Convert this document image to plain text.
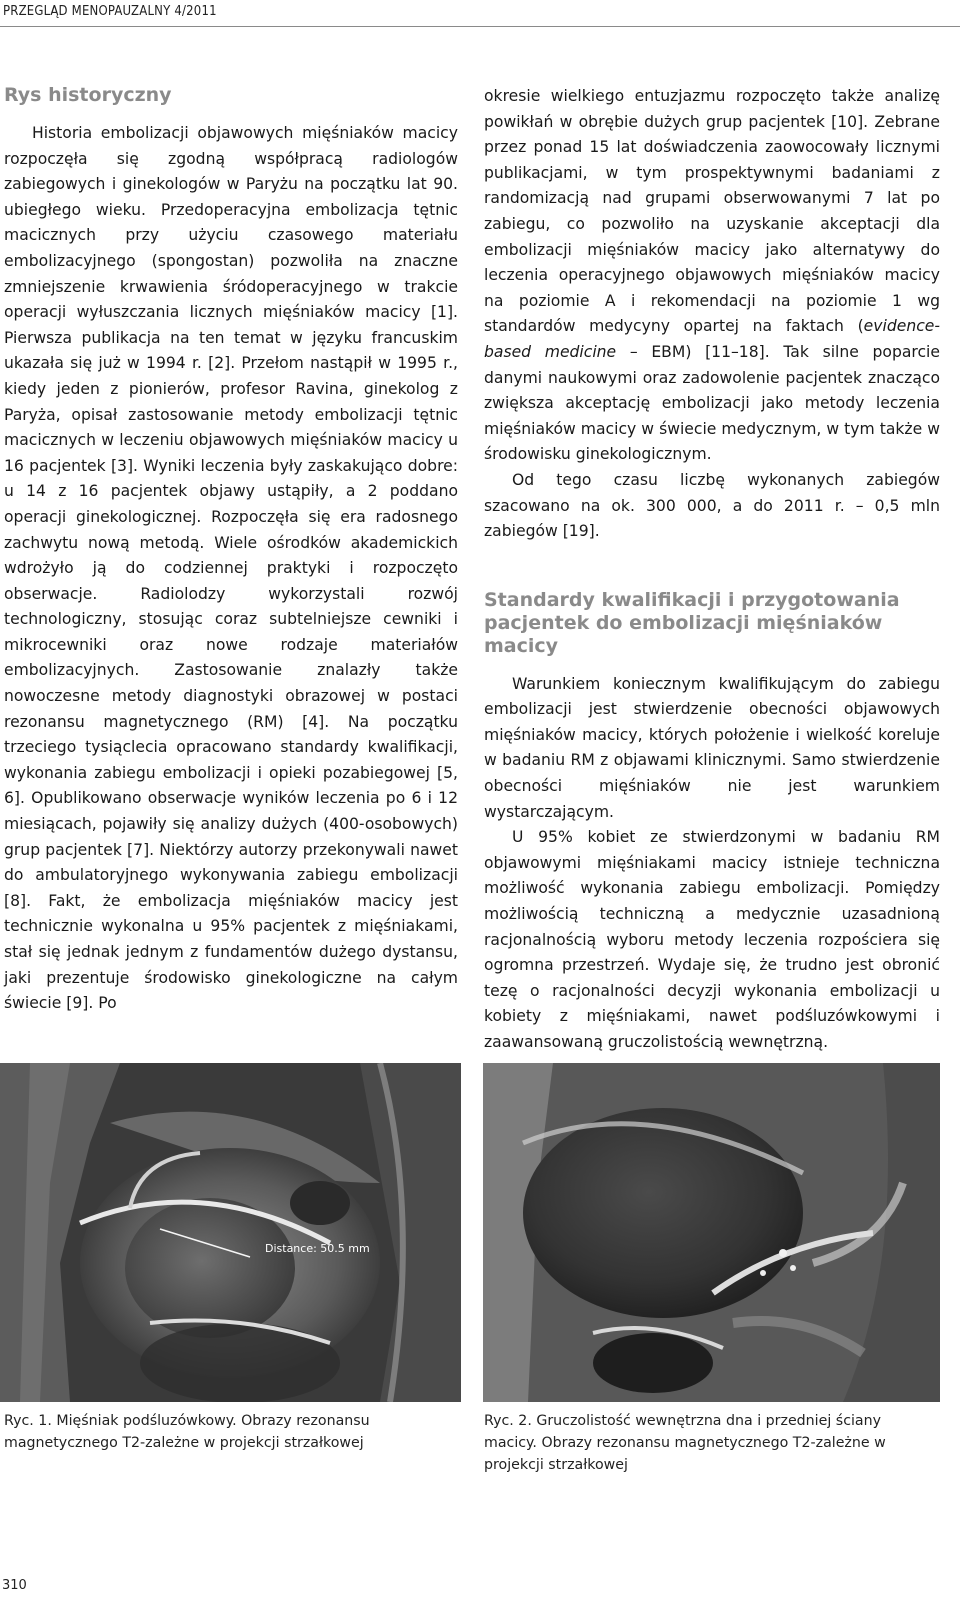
PRZEGLĄD MENOPAUZALNY 4/2011
Rys historyczny

Historia embolizacji objawowych mięśniaków macicy rozpoczęła się zgodną współpracą radiologów zabiegowych i ginekologów w Paryżu na początku lat 90. ubiegłego wieku. Przedoperacyjna embolizacja tętnic macicznych przy użyciu czasowego materiału embolizacyjnego (spongostan) pozwoliła na znaczne zmniejszenie krwawienia śródoperacyjnego w trakcie operacji wyłuszczania licznych mięśniaków macicy [1]. Pierwsza publikacja na ten temat w języku francuskim ukazała się już w 1994 r. [2]. Przełom nastąpił w 1995 r., kiedy jeden z pionierów, profesor Ravina, ginekolog z Paryża, opisał zastosowanie metody embolizacji tętnic macicznych w leczeniu objawowych mięśniaków macicy u 16 pacjentek [3]. Wyniki leczenia były zaskakująco dobre: u 14 z 16 pacjentek objawy ustąpiły, a 2 poddano operacji ginekologicznej. Rozpoczęła się era radosnego zachwytu nową metodą. Wiele ośrodków akademickich wdrożyło ją do codziennej praktyki i rozpoczęto obserwacje. Radiolodzy wykorzystali rozwój technologiczny, stosując coraz subtelniejsze cewniki i mikrocewniki oraz nowe rodzaje materiałów embolizacyjnych. Zastosowanie znalazły także nowoczesne metody diagnostyki obrazowej w postaci rezonansu magnetycznego (RM) [4]. Na początku trzeciego tysiąclecia opracowano standardy kwalifikacji, wykonania zabiegu embolizacji i opieki pozabiegowej [5, 6]. Opublikowano obserwacje wyników leczenia po 6 i 12 miesiącach, pojawiły się analizy dużych (400-osobowych) grup pacjentek [7]. Niektórzy autorzy przekonywali nawet do ambulatoryjnego wykonywania zabiegu embolizacji [8]. Fakt, że embolizacja mięśniaków macicy jest technicznie wykonalna u 95% pacjentek z mięśniakami, stał się jednak jednym z fundamentów dużego dystansu, jaki prezentuje środowisko ginekologiczne na całym świecie [9]. Po

okresie wielkiego entuzjazmu rozpoczęto także analizę powikłań w obrębie dużych grup pacjentek [10]. Zebrane przez ponad 15 lat doświadczenia zaowocowały licznymi publikacjami, w tym prospektywnymi badaniami z randomizacją nad grupami obserwowanymi 7 lat po zabiegu, co pozwoliło na uzyskanie akceptacji dla embolizacji mięśniaków macicy jako alternatywy do leczenia operacyjnego objawowych mięśniaków macicy na poziomie A i rekomendacji na poziomie 1 wg standardów medycyny opartej na faktach (evidence-based medicine – EBM) [11–18]. Tak silne poparcie danymi naukowymi oraz zadowolenie pacjentek znacząco zwiększa akceptację embolizacji jako metody leczenia mięśniaków macicy w świecie medycznym, w tym także w środowisku ginekologicznym.

Od tego czasu liczbę wykonanych zabiegów szacowano na ok. 300 000, a do 2011 r. – 0,5 mln zabiegów [19].

Standardy kwalifikacji i przygotowania pacjentek do embolizacji mięśniaków macicy

Warunkiem koniecznym kwalifikującym do zabiegu embolizacji jest stwierdzenie obecności objawowych mięśniaków macicy, których położenie i wielkość koreluje w badaniu RM z objawami klinicznymi. Samo stwierdzenie obecności mięśniaków nie jest warunkiem wystarczającym.

U 95% kobiet ze stwierdzonymi w badaniu RM objawowymi mięśniakami macicy istnieje techniczna możliwość wykonania zabiegu embolizacji. Pomiędzy możliwością techniczną a medycznie uzasadnioną racjonalnością wyboru metody leczenia rozpościera się ogromna przestrzeń. Wydaje się, że trudno jest obronić tezę o racjonalności decyzji wykonania embolizacji u kobiety z mięśniakami, nawet podśluzówkowymi i zaawansowaną gruczolistością wewnętrzną.

Distance: 50.5 mm
Ryc. 1. Mięśniak podśluzówkowy. Obrazy rezonansu magnetycznego T2-zależne w projekcji strzałkowej
Ryc. 2. Gruczolistość wewnętrzna dna i przedniej ściany macicy. Obrazy rezonansu magnetycznego T2-zależne w projekcji strzałkowej
310
